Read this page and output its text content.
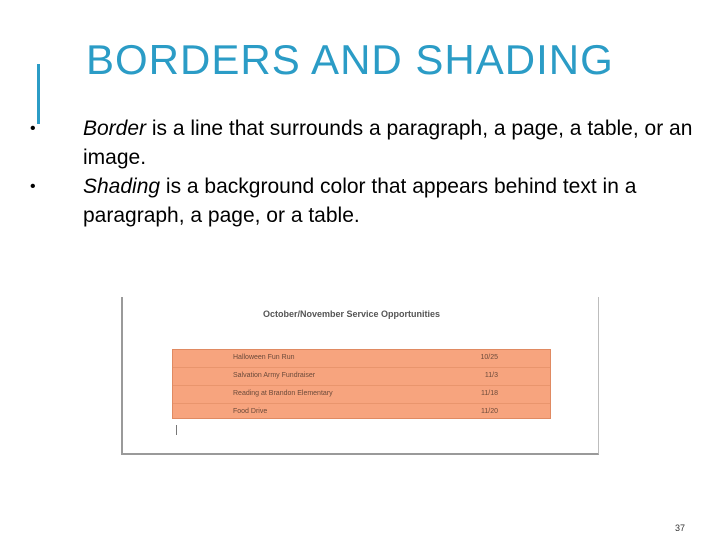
BORDERS AND SHADING
• Border is a line that surrounds a paragraph, a page, a table, or an image.
• Shading is a background color that appears behind text in a paragraph, a page, or a table.
October/November Service Opportunities
Halloween Fun Run	10/25
Salvation Army Fundraiser	11/3
Reading at Brandon Elementary	11/18
Food Drive	11/20
37
